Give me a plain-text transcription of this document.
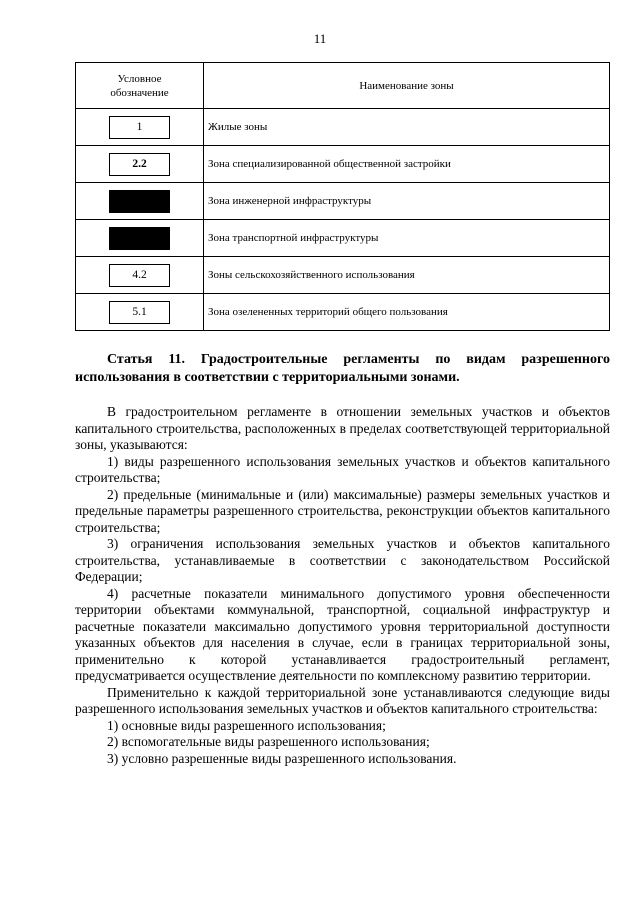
11
Условное обозначение	Наименование зоны
1	Жилые зоны
2.2	Зона специализированной общественной застройки
	Зона инженерной инфраструктуры
	Зона транспортной инфраструктуры
4.2	Зоны сельскохозяйственного использования
5.1	Зона озелененных территорий общего пользования
Статья 11. Градостроительные регламенты по видам разрешенного использования в соответствии с территориальными зонами.

В градостроительном регламенте в отношении земельных участков и объектов капитального строительства, расположенных в пределах соответствующей территориальной зоны, указываются:

1) виды разрешенного использования земельных участков и объектов капитального строительства;

2) предельные (минимальные и (или) максимальные) размеры земельных участков и предельные параметры разрешенного строительства, реконструкции объектов капитального строительства;

3) ограничения использования земельных участков и объектов капитального строительства, устанавливаемые в соответствии с законодательством Российской Федерации;

4) расчетные показатели минимального допустимого уровня обеспеченности территории объектами коммунальной, транспортной, социальной инфраструктур и расчетные показатели максимально допустимого уровня территориальной доступности указанных объектов для населения в случае, если в границах территориальной зоны, применительно к которой устанавливается градостроительный регламент, предусматривается осуществление деятельности по комплексному развитию территории.

Применительно к каждой территориальной зоне устанавливаются следующие виды разрешенного использования земельных участков и объектов капитального строительства:

1) основные виды разрешенного использования;

2) вспомогательные виды разрешенного использования;

3) условно разрешенные виды разрешенного использования.
